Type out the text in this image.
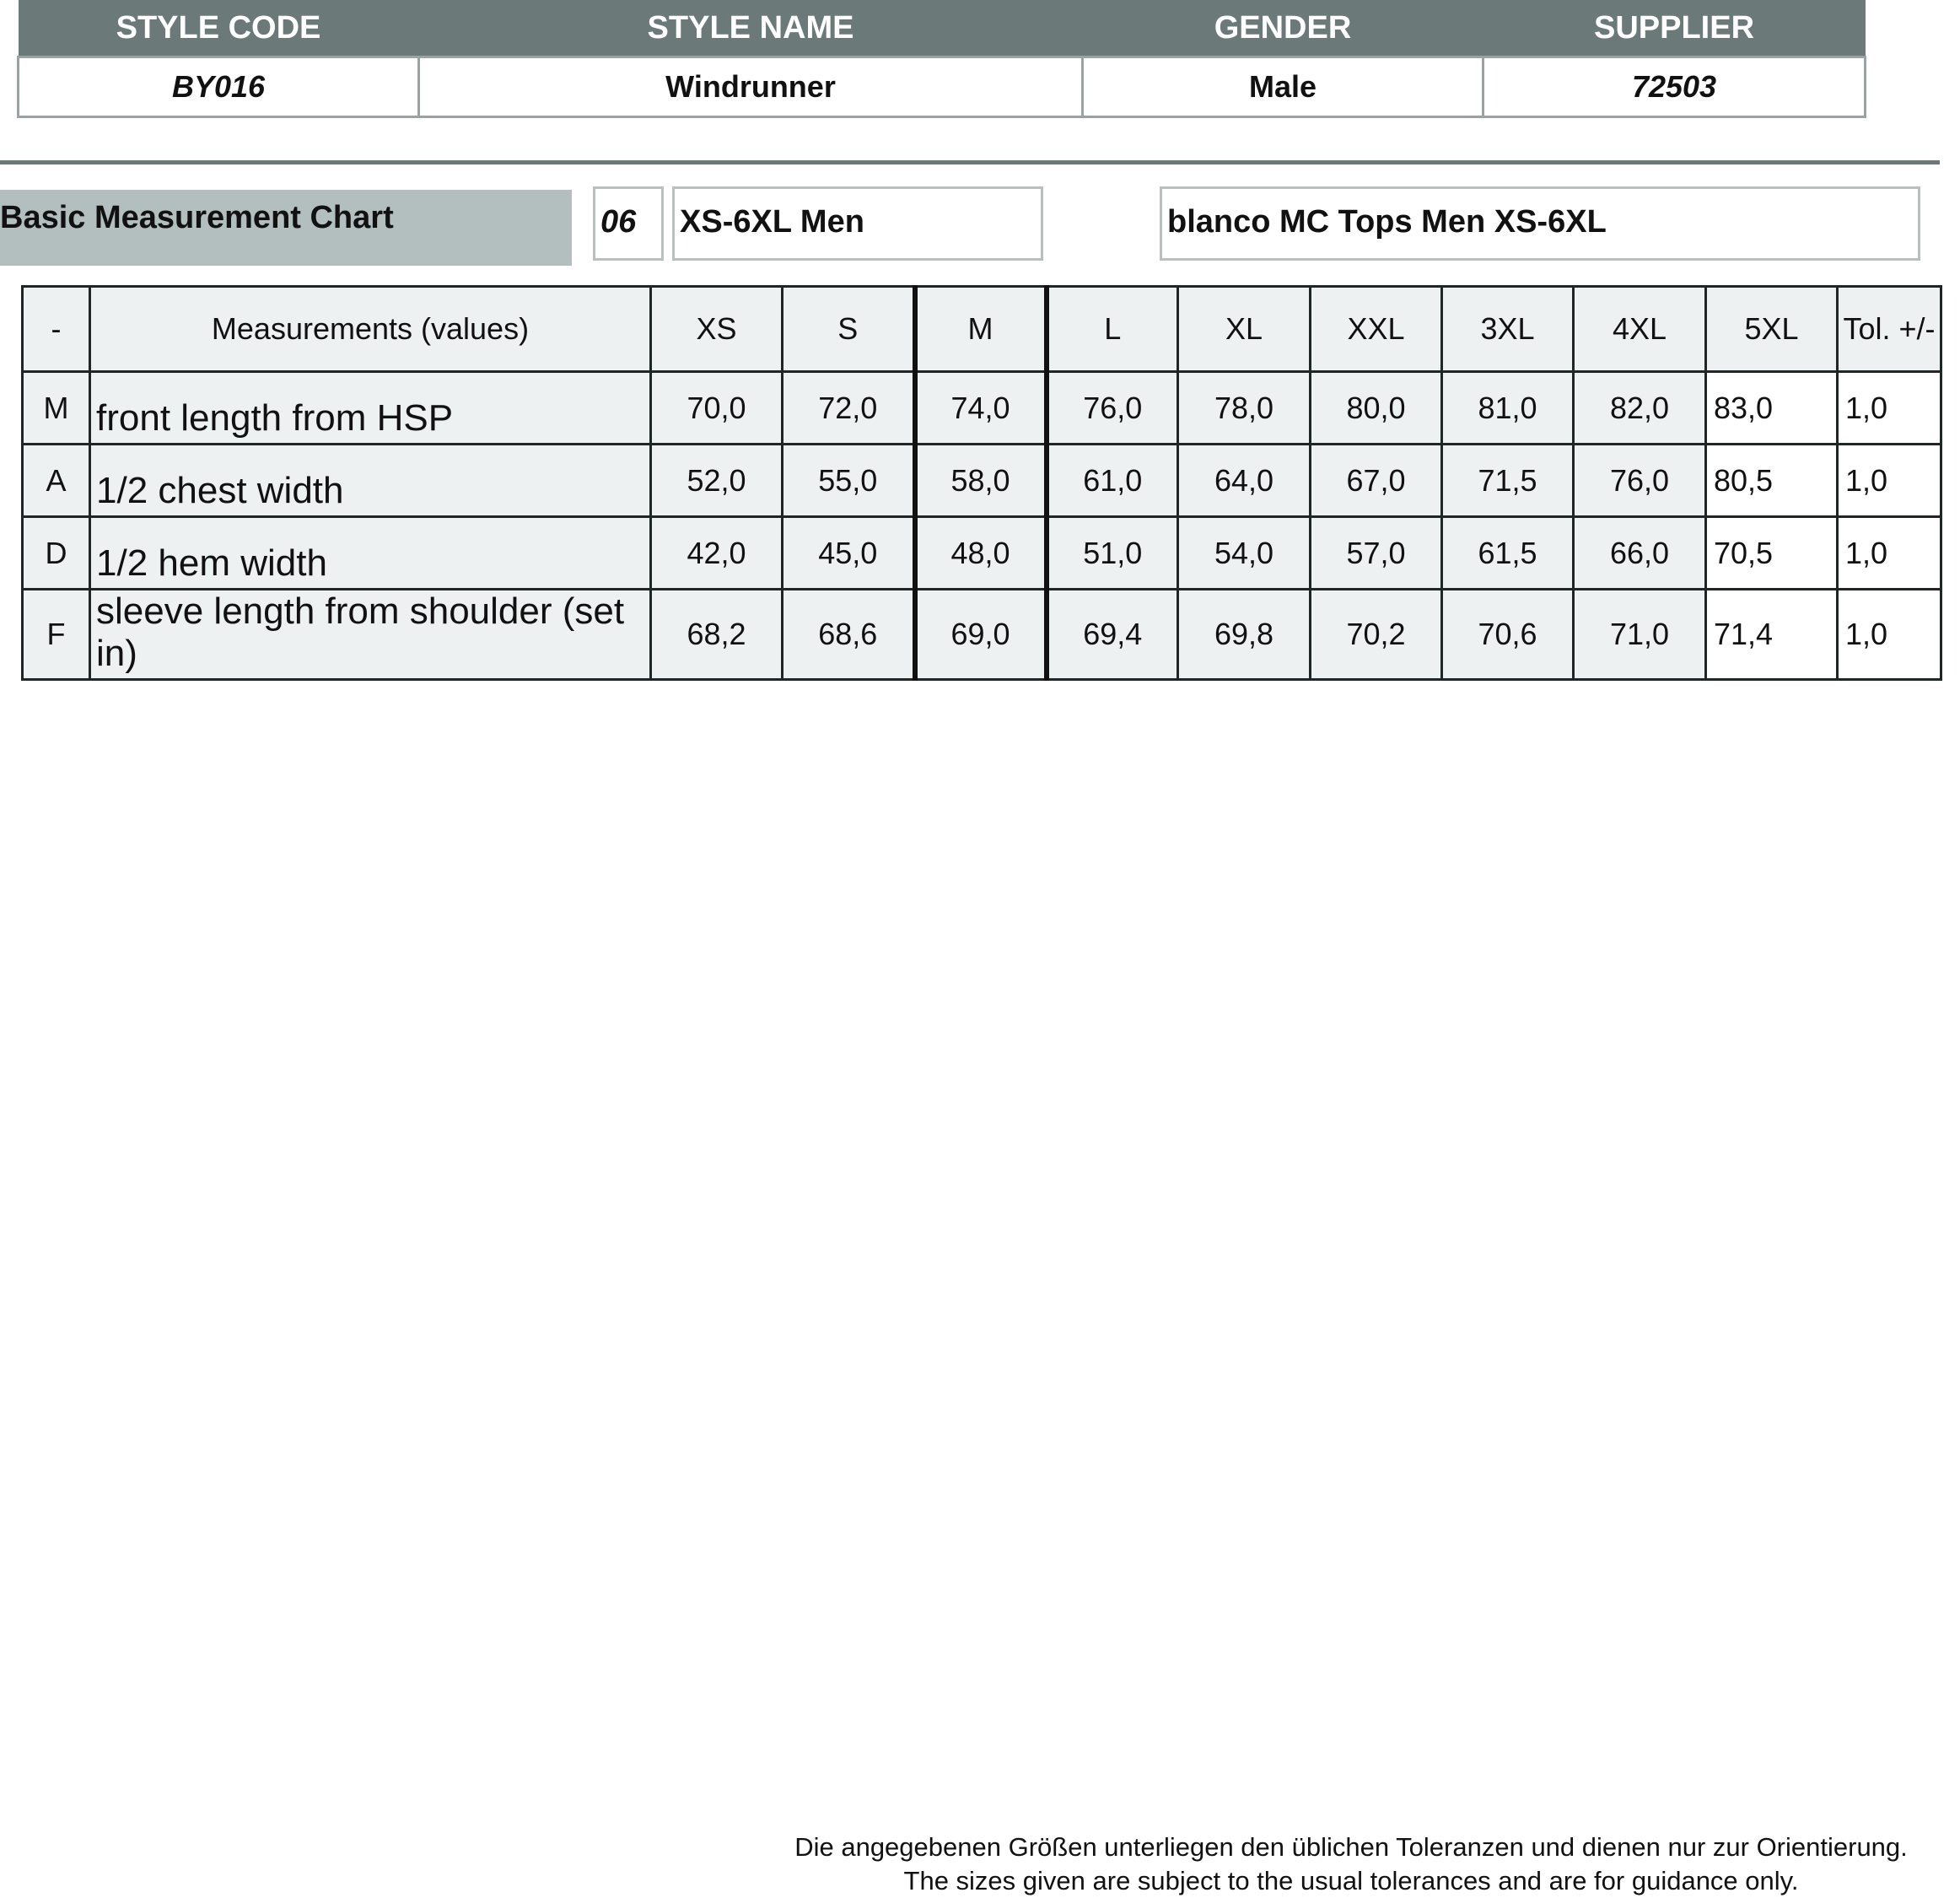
STYLE CODE	STYLE NAME	GENDER	SUPPLIER
BY016	Windrunner	Male	72503
Basic Measurement Chart	06	XS-6XL Men	blanco MC Tops Men XS-6XL
-	Measurements (values)	XS	S	M	L	XL	XXL	3XL	4XL	5XL	Tol. +/-
M	front length from HSP	70,0	72,0	74,0	76,0	78,0	80,0	81,0	82,0	83,0	1,0
A	1/2 chest width	52,0	55,0	58,0	61,0	64,0	67,0	71,5	76,0	80,5	1,0
D	1/2 hem width	42,0	45,0	48,0	51,0	54,0	57,0	61,5	66,0	70,5	1,0
F	sleeve length from shoulder (set in)	68,2	68,6	69,0	69,4	69,8	70,2	70,6	71,0	71,4	1,0
Die angegebenen Größen unterliegen den üblichen Toleranzen und dienen nur zur Orientierung.
The sizes given are subject to the usual tolerances and are for guidance only.
